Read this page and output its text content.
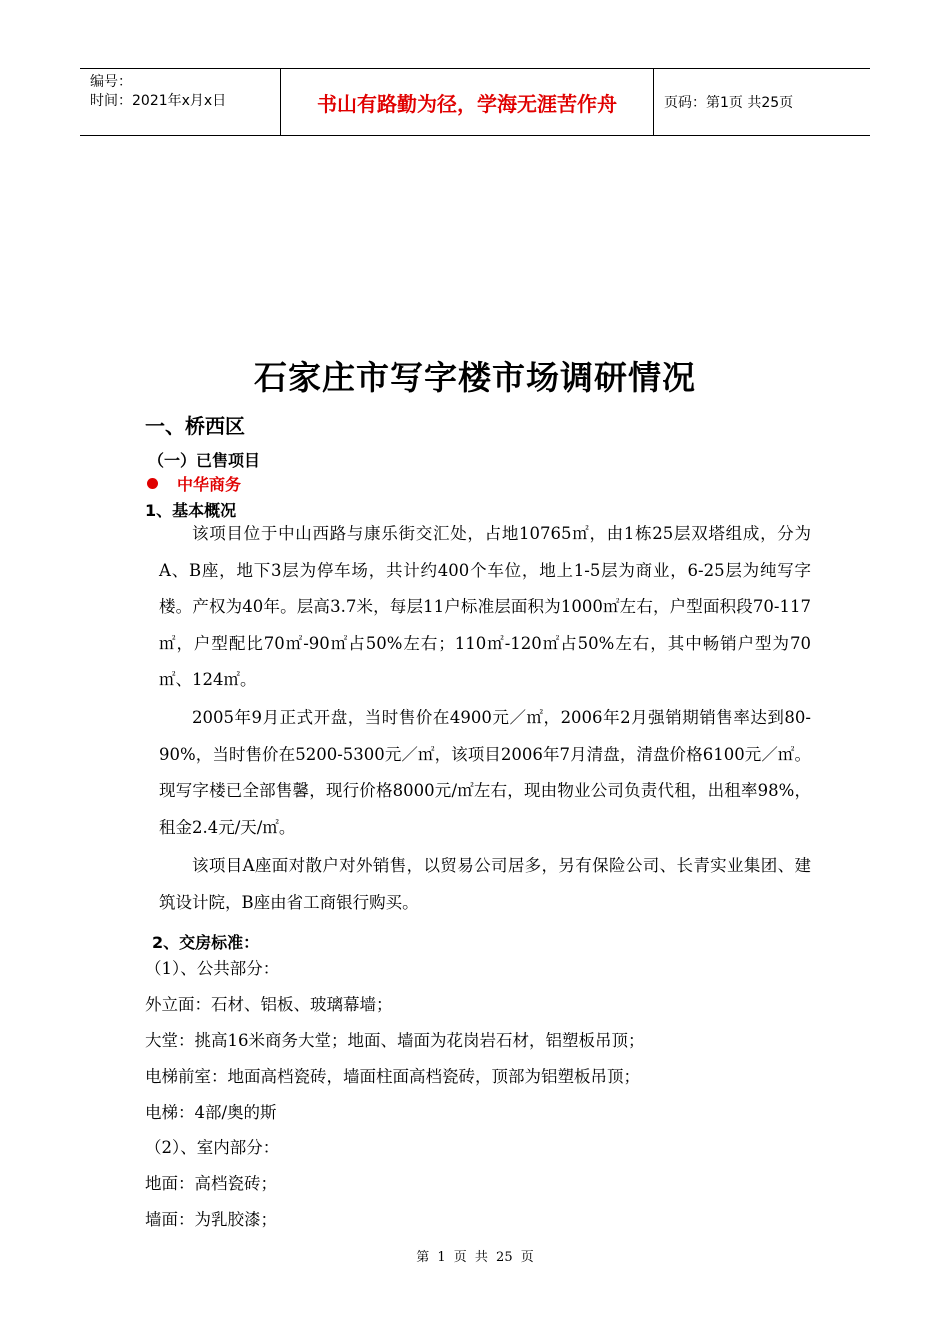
编号：
时间：2021年x月x日	书山有路勤为径，学海无涯苦作舟	页码：第1页 共25页
石家庄市写字楼市场调研情况
一、桥西区
（一）已售项目
中华商务
1、基本概况

该项目位于中山西路与康乐街交汇处，占地10765㎡，由1栋25层双塔组成，分为A、B座，地下3层为停车场，共计约400个车位，地上1-5层为商业，6-25层为纯写字楼。产权为40年。层高3.7米，每层11户标准层面积为1000㎡左右，户型面积段70-117㎡，户型配比70㎡-90㎡占50%左右；110㎡-120㎡占50%左右，其中畅销户型为70㎡、124㎡。

2005年9月正式开盘，当时售价在4900元／㎡，2006年2月强销期销售率达到80-90%，当时售价在5200-5300元／㎡，该项目2006年7月清盘，清盘价格6100元／㎡。现写字楼已全部售馨，现行价格8000元/㎡左右，现由物业公司负责代租，出租率98%，租金2.4元/天/㎡。

该项目A座面对散户对外销售，以贸易公司居多，另有保险公司、长青实业集团、建筑设计院，B座由省工商银行购买。

2、交房标准：
（1）、公共部分：
外立面：石材、铝板、玻璃幕墙；
大堂：挑高16米商务大堂；地面、墙面为花岗岩石材，铝塑板吊顶；
电梯前室：地面高档瓷砖，墙面柱面高档瓷砖，顶部为铝塑板吊顶；
电梯：4部/奥的斯
（2）、室内部分：
地面：高档瓷砖；
墙面：为乳胶漆；
第 1 页 共 25 页
